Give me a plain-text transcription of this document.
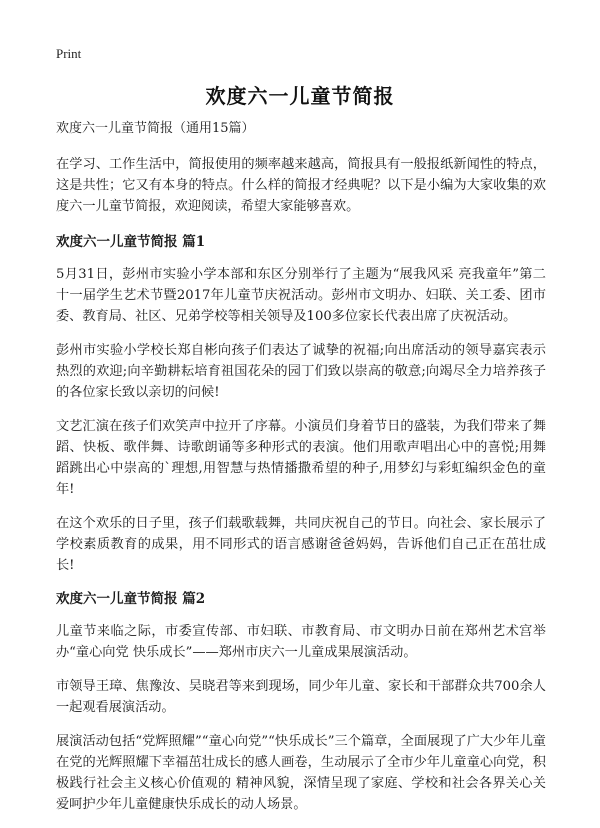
Print
欢度六一儿童节简报

欢度六一儿童节简报（通用15篇）

在学习、工作生活中，简报使用的频率越来越高，简报具有一般报纸新闻性的特点，这是共性；它又有本身的特点。什么样的简报才经典呢？以下是小编为大家收集的欢度六一儿童节简报，欢迎阅读，希望大家能够喜欢。

欢度六一儿童节简报 篇1

5月31日，彭州市实验小学本部和东区分别举行了主题为“展我风采 亮我童年”第二十一届学生艺术节暨2017年儿童节庆祝活动。彭州市文明办、妇联、关工委、团市委、教育局、社区、兄弟学校等相关领导及100多位家长代表出席了庆祝活动。

彭州市实验小学校长郑自彬向孩子们表达了诚挚的祝福;向出席活动的领导嘉宾表示热烈的欢迎;向辛勤耕耘培育祖国花朵的园丁们致以崇高的敬意;向竭尽全力培养孩子的各位家长致以亲切的问候!

文艺汇演在孩子们欢笑声中拉开了序幕。小演员们身着节日的盛装，为我们带来了舞蹈、快板、歌伴舞、诗歌朗诵等多种形式的表演。他们用歌声唱出心中的喜悦;用舞蹈跳出心中崇高的`理想,用智慧与热情播撒希望的种子,用梦幻与彩虹编织金色的童年!

在这个欢乐的日子里，孩子们载歌载舞，共同庆祝自己的节日。向社会、家长展示了学校素质教育的成果，用不同形式的语言感谢爸爸妈妈，告诉他们自己正在茁壮成长!

欢度六一儿童节简报 篇2

儿童节来临之际，市委宣传部、市妇联、市教育局、市文明办日前在郑州艺术宫举办“童心向党 快乐成长”——郑州市庆六一儿童成果展演活动。

市领导王璋、焦豫汝、吴晓君等来到现场，同少年儿童、家长和干部群众共700余人一起观看展演活动。

展演活动包括“党辉照耀”“童心向党”“快乐成长”三个篇章，全面展现了广大少年儿童在党的光辉照耀下幸福茁壮成长的感人画卷，生动展示了全市少年儿童童心向党，积极践行社会主义核心价值观的 精神风貌，深情呈现了家庭、学校和社会各界关心关爱呵护少年儿童健康快乐成长的动人场景。
